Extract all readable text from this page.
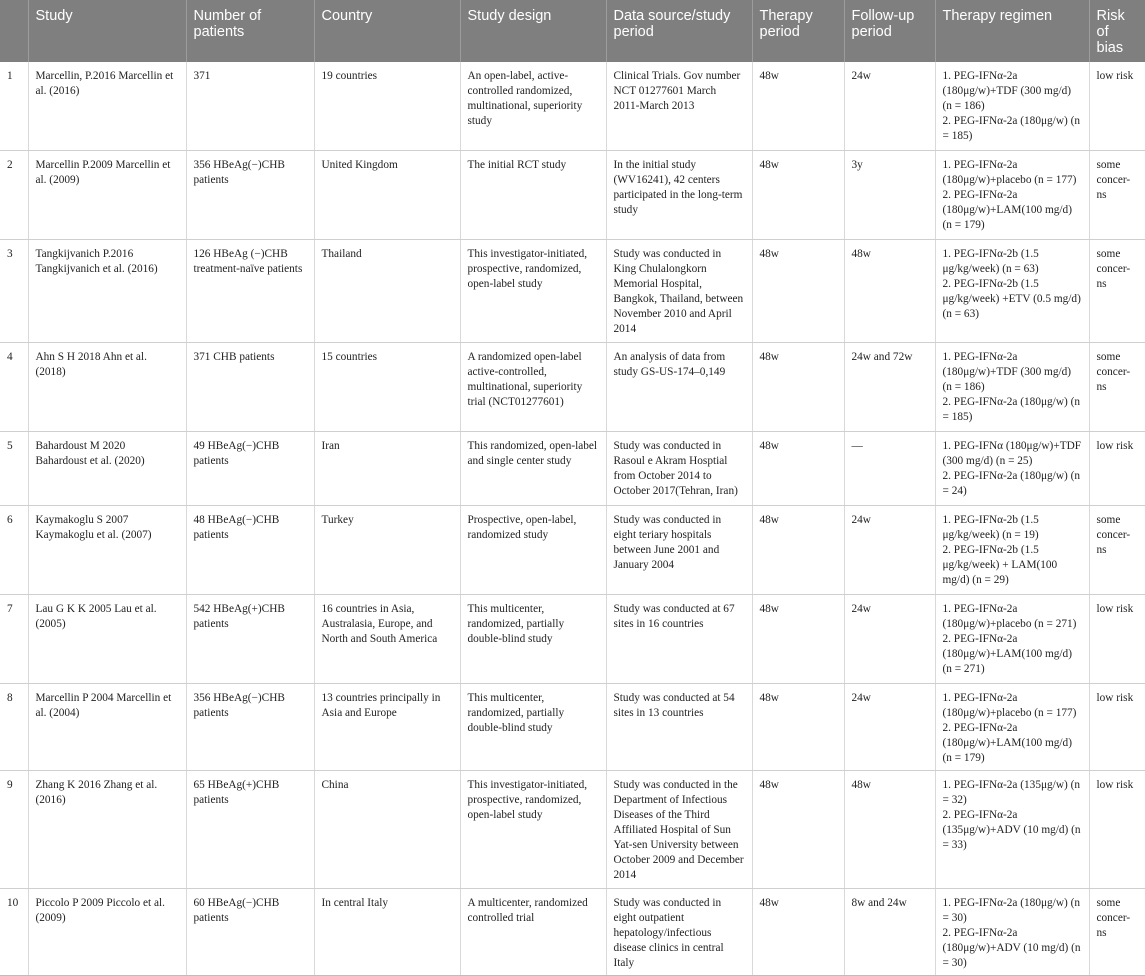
	Study	Number of patients	Country	Study design	Data source/study period	Therapy period	Follow-up period	Therapy regimen	Risk of bias
1	Marcellin, P.2016 Marcellin et al. (2016)	371	19 countries	An open-label, active-controlled randomized, multinational, superiority study	Clinical Trials. Gov number NCT 01277601 March 2011-March 2013	48w	24w	1. PEG-IFNα-2a (180μg/w)+TDF (300 mg/d) (n = 186)
2. PEG-IFNα-2a (180μg/w) (n = 185)	low risk
2	Marcellin P.2009 Marcellin et al. (2009)	356 HBeAg(−)CHB patients	United Kingdom	The initial RCT study	In the initial study (WV16241), 42 centers participated in the long-term study	48w	3y	1. PEG-IFNα-2a (180μg/w)+placebo (n = 177)
2. PEG-IFNα-2a (180μg/w)+LAM(100 mg/d) (n = 179)	some concer-ns
3	Tangkijvanich P.2016 Tangkijvanich et al. (2016)	126 HBeAg (−)CHB treatment-naïve patients	Thailand	This investigator-initiated, prospective, randomized, open-label study	Study was conducted in King Chulalongkorn Memorial Hospital, Bangkok, Thailand, between November 2010 and April 2014	48w	48w	1. PEG-IFNα-2b (1.5 μg/kg/week) (n = 63)
2. PEG-IFNα-2b (1.5 μg/kg/week) +ETV (0.5 mg/d) (n = 63)	some concer-ns
4	Ahn S H 2018 Ahn et al. (2018)	371 CHB patients	15 countries	A randomized open-label active-controlled, multinational, superiority trial (NCT01277601)	An analysis of data from study GS-US-174–0,149	48w	24w and 72w	1. PEG-IFNα-2a (180μg/w)+TDF (300 mg/d) (n = 186)
2. PEG-IFNα-2a (180μg/w) (n = 185)	some concer-ns
5	Bahardoust M 2020 Bahardoust et al. (2020)	49 HBeAg(−)CHB patients	Iran	This randomized, open-label and single center study	Study was conducted in Rasoul e Akram Hosptial from October 2014 to October 2017(Tehran, Iran)	48w	—	1. PEG-IFNα (180μg/w)+TDF (300 mg/d) (n = 25)
2. PEG-IFNα-2a (180μg/w) (n = 24)	low risk
6	Kaymakoglu S 2007 Kaymakoglu et al. (2007)	48 HBeAg(−)CHB patients	Turkey	Prospective, open-label, randomized study	Study was conducted in eight teriary hospitals between June 2001 and January 2004	48w	24w	1. PEG-IFNα-2b (1.5 μg/kg/week) (n = 19)
2. PEG-IFNα-2b (1.5 μg/kg/week) + LAM(100 mg/d) (n = 29)	some concer-ns
7	Lau G K K 2005 Lau et al. (2005)	542 HBeAg(+)CHB patients	16 countries in Asia, Australasia, Europe, and North and South America	This multicenter, randomized, partially double-blind study	Study was conducted at 67 sites in 16 countries	48w	24w	1. PEG-IFNα-2a (180μg/w)+placebo (n = 271)
2. PEG-IFNα-2a (180μg/w)+LAM(100 mg/d) (n = 271)	low risk
8	Marcellin P 2004 Marcellin et al. (2004)	356 HBeAg(−)CHB patients	13 countries principally in Asia and Europe	This multicenter, randomized, partially double-blind study	Study was conducted at 54 sites in 13 countries	48w	24w	1. PEG-IFNα-2a (180μg/w)+placebo (n = 177)
2. PEG-IFNα-2a (180μg/w)+LAM(100 mg/d) (n = 179)	low risk
9	Zhang K 2016 Zhang et al. (2016)	65 HBeAg(+)CHB patients	China	This investigator-initiated, prospective, randomized, open-label study	Study was conducted in the Department of Infectious Diseases of the Third Affiliated Hospital of Sun Yat-sen University between October 2009 and December 2014	48w	48w	1. PEG-IFNα-2a (135μg/w) (n = 32)
2. PEG-IFNα-2a (135μg/w)+ADV (10 mg/d) (n = 33)	low risk
10	Piccolo P 2009 Piccolo et al. (2009)	60 HBeAg(−)CHB patients	In central Italy	A multicenter, randomized controlled trial	Study was conducted in eight outpatient hepatology/infectious disease clinics in central Italy	48w	8w and 24w	1. PEG-IFNα-2a (180μg/w) (n = 30)
2. PEG-IFNα-2a (180μg/w)+ADV (10 mg/d) (n = 30)	some concer-ns
